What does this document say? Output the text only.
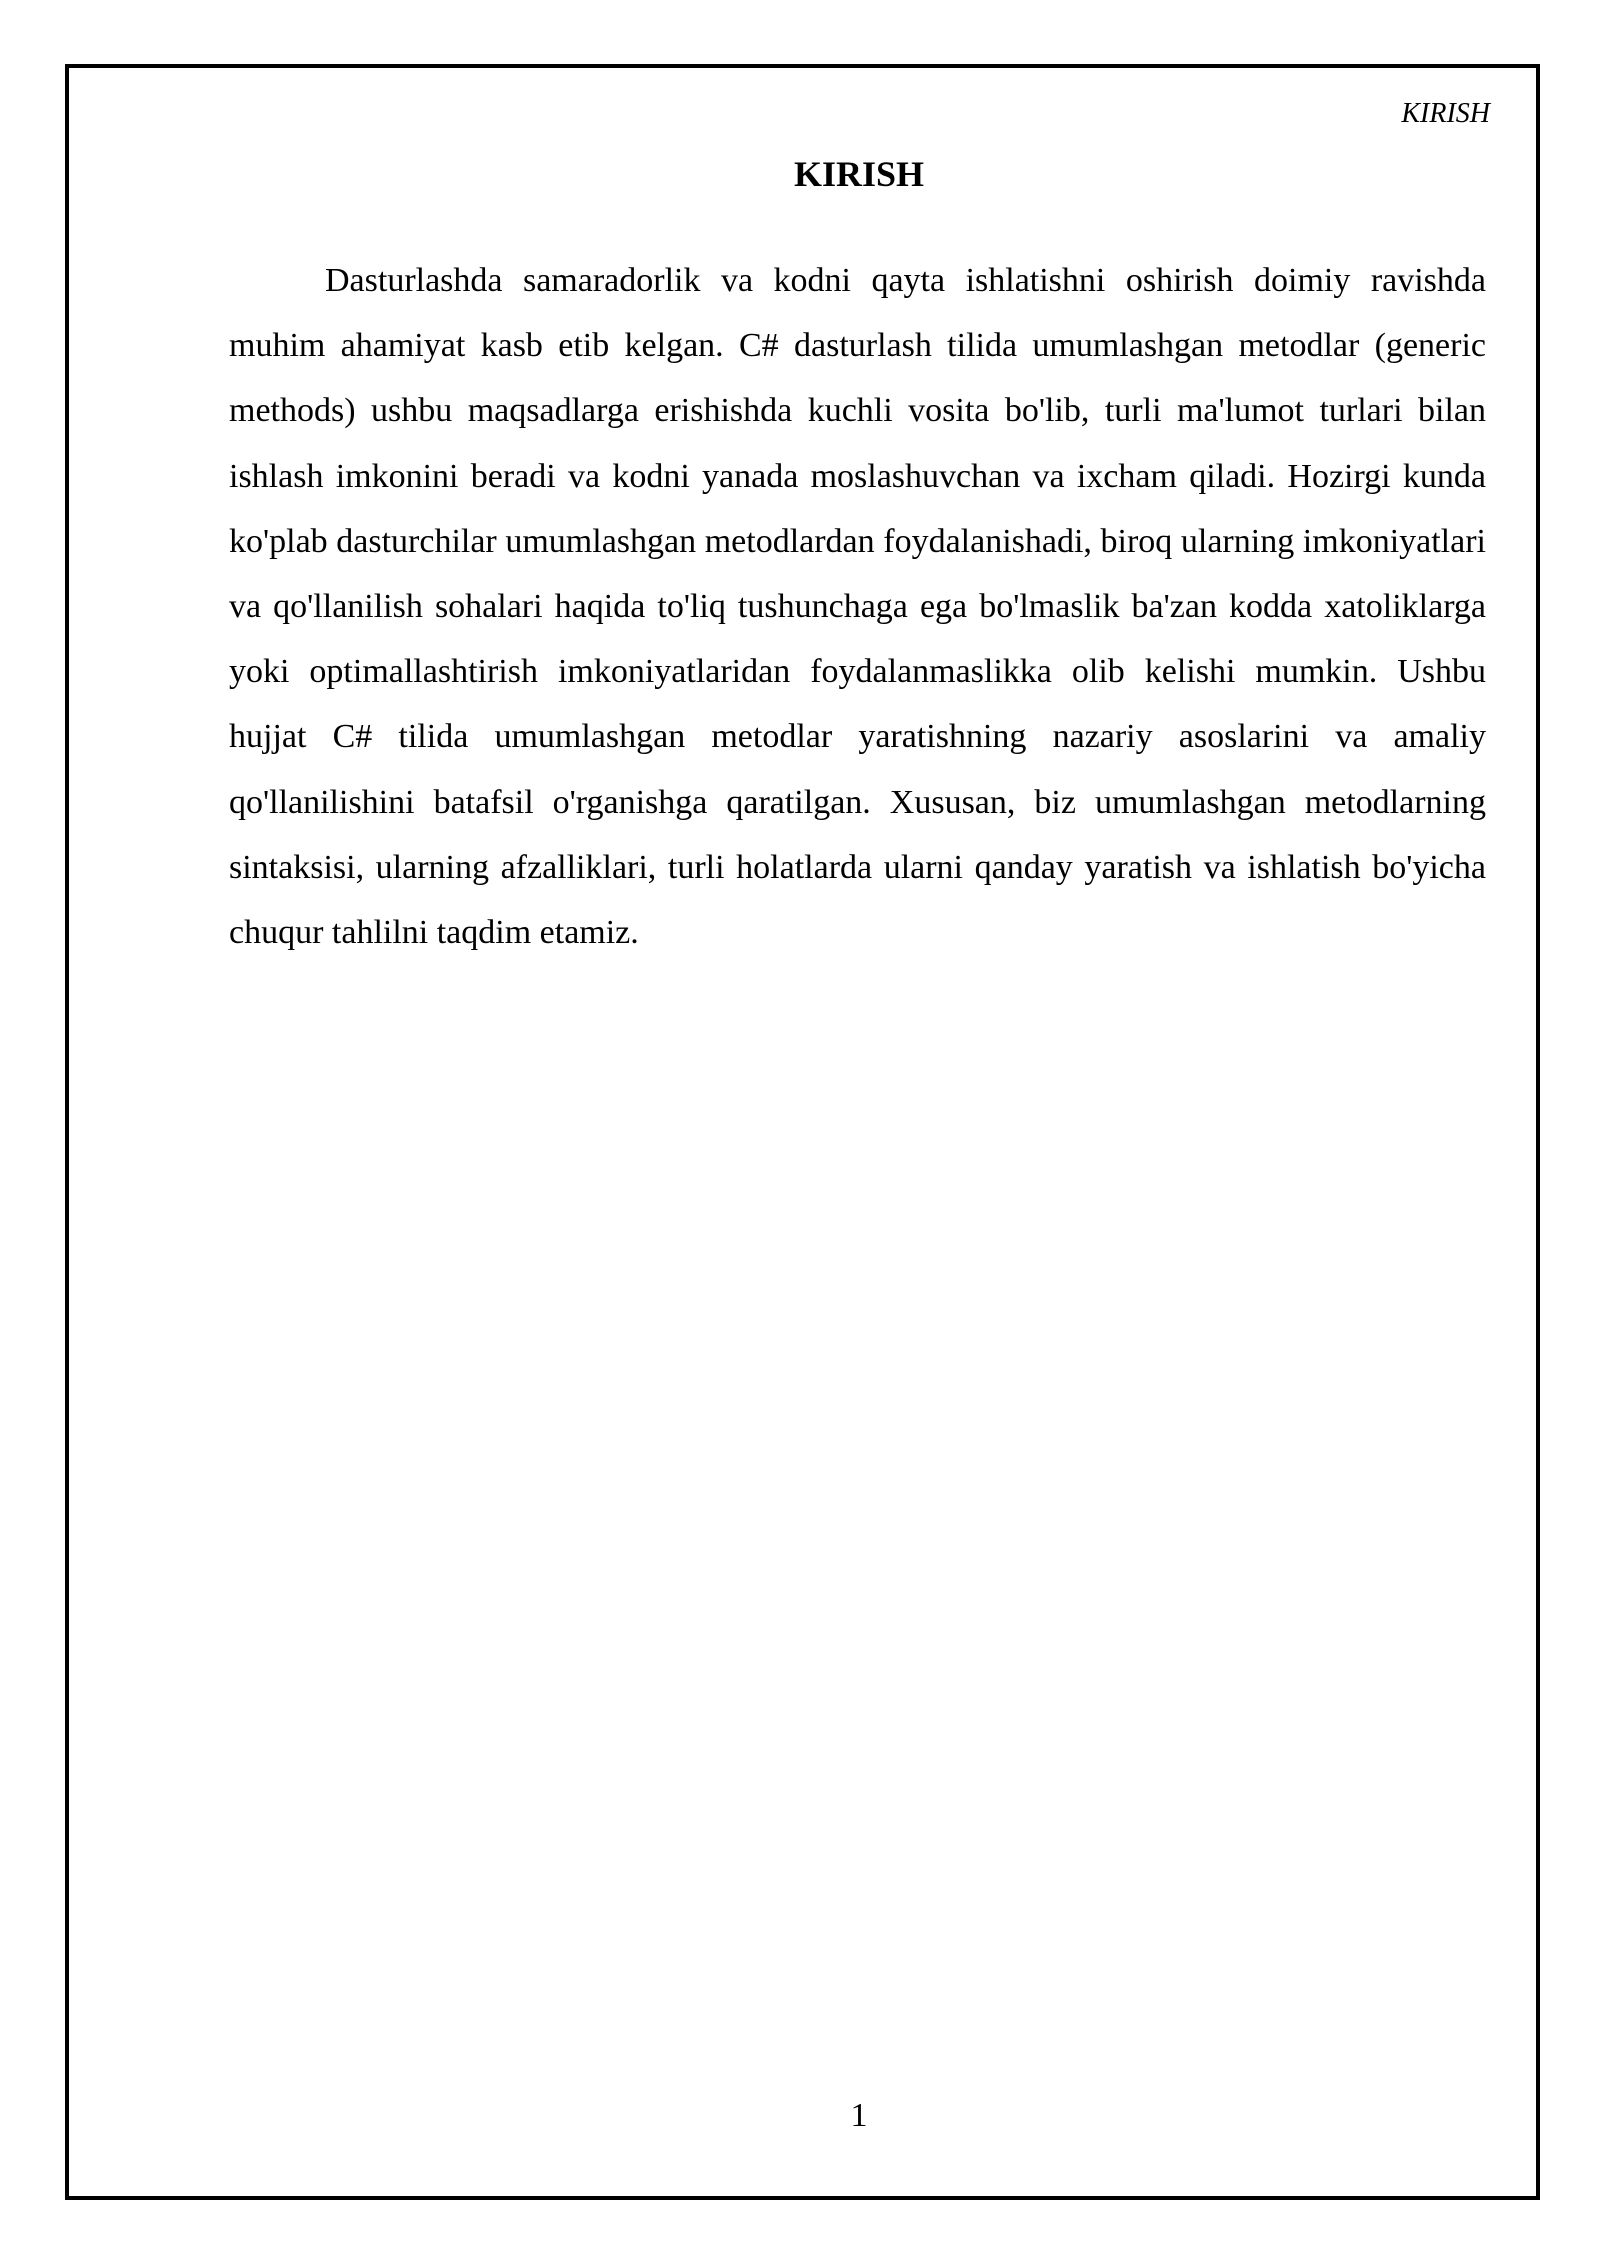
KIRISH
KIRISH

Dasturlashda samaradorlik va kodni qayta ishlatishni oshirish doimiy ravishda muhim ahamiyat kasb etib kelgan. C# dasturlash tilida umumlashgan metodlar (generic methods) ushbu maqsadlarga erishishda kuchli vosita bo'lib, turli ma'lumot turlari bilan ishlash imkonini beradi va kodni yanada moslashuvchan va ixcham qiladi. Hozirgi kunda ko'plab dasturchilar umumlashgan metodlardan foydalanishadi, biroq ularning imkoniyatlari va qo'llanilish sohalari haqida to'liq tushunchaga ega bo'lmaslik ba'zan kodda xatoliklarga yoki optimallashtirish imkoniyatlaridan foydalanmaslikka olib kelishi mumkin. Ushbu hujjat C# tilida umumlashgan metodlar yaratishning nazariy asoslarini va amaliy qo'llanilishini batafsil o'rganishga qaratilgan. Xususan, biz umumlashgan metodlarning sintaksisi, ularning afzalliklari, turli holatlarda ularni qanday yaratish va ishlatish bo'yicha chuqur tahlilni taqdim etamiz.

1
